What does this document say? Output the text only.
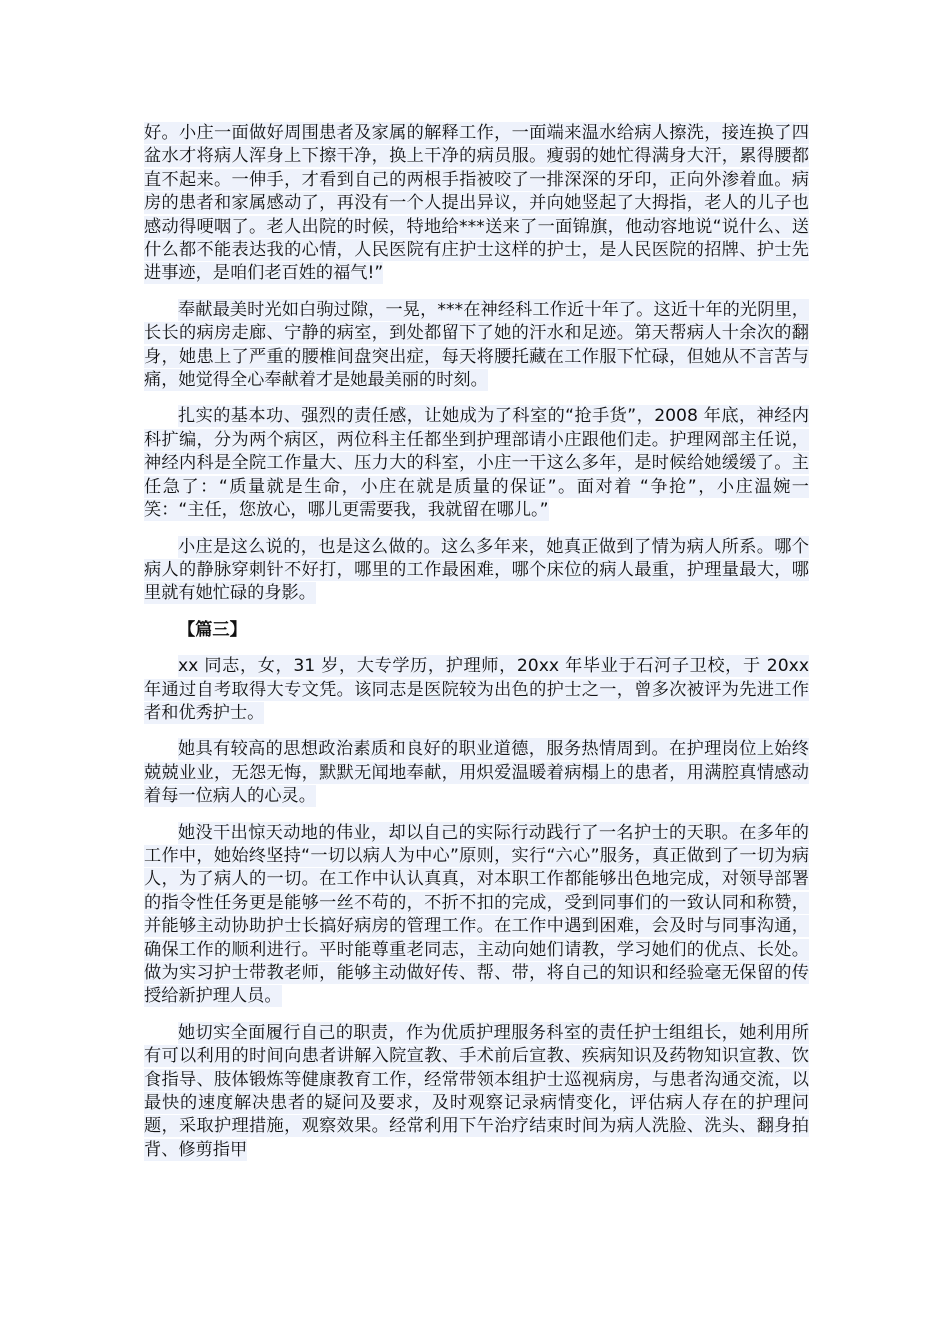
好。小庄一面做好周围患者及家属的解释工作，一面端来温水给病人擦洗，接连换了四盆水才将病人浑身上下擦干净，换上干净的病员服。瘦弱的她忙得满身大汗，累得腰都直不起来。一伸手，才看到自己的两根手指被咬了一排深深的牙印，正向外渗着血。病房的患者和家属感动了，再没有一个人提出异议，并向她竖起了大拇指，老人的儿子也感动得哽咽了。老人出院的时候，特地给***送来了一面锦旗，他动容地说“说什么、送什么都不能表达我的心情，人民医院有庄护士这样的护士，是人民医院的招牌、护士先进事迹，是咱们老百姓的福气!”

奉献最美时光如白驹过隙，一晃，***在神经科工作近十年了。这近十年的光阴里，长长的病房走廊、宁静的病室，到处都留下了她的汗水和足迹。第天帮病人十余次的翻身，她患上了严重的腰椎间盘突出症，每天将腰托藏在工作服下忙碌，但她从不言苦与痛，她觉得全心奉献着才是她最美丽的时刻。

扎实的基本功、强烈的责任感，让她成为了科室的“抢手货”，2008 年底，神经内科扩编，分为两个病区，两位科主任都坐到护理部请小庄跟他们走。护理网部主任说，神经内科是全院工作量大、压力大的科室，小庄一干这么多年，是时候给她缓缓了。主任急了：“质量就是生命，小庄在就是质量的保证”。面对着 “争抢”，小庄温婉一笑：“主任，您放心，哪儿更需要我，我就留在哪儿。”

小庄是这么说的，也是这么做的。这么多年来，她真正做到了情为病人所系。哪个病人的静脉穿刺针不好打，哪里的工作最困难，哪个床位的病人最重，护理量最大，哪里就有她忙碌的身影。

【篇三】

xx 同志，女，31 岁，大专学历，护理师，20xx 年毕业于石河子卫校，于 20xx 年通过自考取得大专文凭。该同志是医院较为出色的护士之一，曾多次被评为先进工作者和优秀护士。

她具有较高的思想政治素质和良好的职业道德，服务热情周到。在护理岗位上始终兢兢业业，无怨无悔，默默无闻地奉献，用炽爱温暖着病榻上的患者，用满腔真情感动着每一位病人的心灵。

她没干出惊天动地的伟业，却以自己的实际行动践行了一名护士的天职。在多年的工作中，她始终坚持“一切以病人为中心”原则，实行“六心”服务，真正做到了一切为病人，为了病人的一切。在工作中认认真真，对本职工作都能够出色地完成，对领导部署的指令性任务更是能够一丝不苟的，不折不扣的完成，受到同事们的一致认同和称赞，并能够主动协助护士长搞好病房的管理工作。在工作中遇到困难，会及时与同事沟通，确保工作的顺利进行。平时能尊重老同志，主动向她们请教，学习她们的优点、长处。做为实习护士带教老师，能够主动做好传、帮、带，将自己的知识和经验毫无保留的传授给新护理人员。

她切实全面履行自己的职责，作为优质护理服务科室的责任护士组组长，她利用所有可以利用的时间向患者讲解入院宣教、手术前后宣教、疾病知识及药物知识宣教、饮食指导、肢体锻炼等健康教育工作，经常带领本组护士巡视病房，与患者沟通交流，以最快的速度解决患者的疑问及要求，及时观察记录病情变化，评估病人存在的护理问题，采取护理措施，观察效果。经常利用下午治疗结束时间为病人洗脸、洗头、翻身拍背、修剪指甲
